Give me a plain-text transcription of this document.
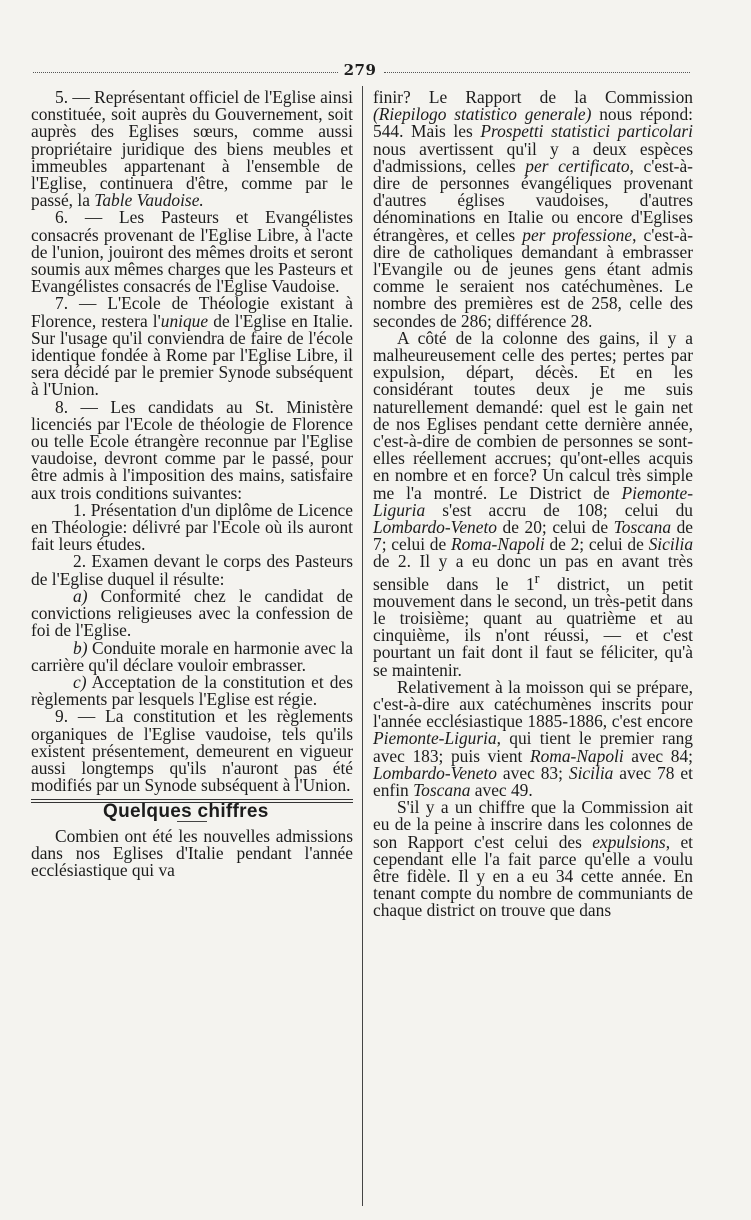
279

5. — Représentant officiel de l'Eglise ainsi constituée, soit auprès du Gouvernement, soit auprès des Eglises sœurs, comme aussi propriétaire juridique des biens meubles et immeubles appartenant à l'ensemble de l'Eglise, continuera d'être, comme par le passé, la Table Vaudoise.

6. — Les Pasteurs et Evangélistes consacrés provenant de l'Eglise Libre, à l'acte de l'union, jouiront des mêmes droits et seront soumis aux mêmes charges que les Pasteurs et Evangélistes consacrés de l'Eglise Vaudoise.

7. — L'Ecole de Théologie existant à Florence, restera l'unique de l'Eglise en Italie. Sur l'usage qu'il conviendra de faire de l'école identique fondée à Rome par l'Eglise Libre, il sera décidé par le premier Synode subséquent à l'Union.

8. — Les candidats au St. Ministère licenciés par l'Ecole de théologie de Florence ou telle Ecole étrangère reconnue par l'Eglise vaudoise, devront comme par le passé, pour être admis à l'imposition des mains, satisfaire aux trois conditions suivantes:

1. Présentation d'un diplôme de Licence en Théologie: délivré par l'Ecole où ils auront fait leurs études.

2. Examen devant le corps des Pasteurs de l'Eglise duquel il résulte:

a) Conformité chez le candidat de convictions religieuses avec la confession de foi de l'Eglise.

b) Conduite morale en harmonie avec la carrière qu'il déclare vouloir embrasser.

c) Acceptation de la constitution et des règlements par lesquels l'Eglise est régie.

9. — La constitution et les règlements organiques de l'Eglise vaudoise, tels qu'ils existent présentement, demeurent en vigueur aussi longtemps qu'ils n'auront pas été modifiés par un Synode subséquent à l'Union.

Quelques chiffres

Combien ont été les nouvelles admissions dans nos Eglises d'Italie pendant l'année ecclésiastique qui va

finir? Le Rapport de la Commission (Riepilogo statistico generale) nous répond: 544. Mais les Prospetti statistici particolari nous avertissent qu'il y a deux espèces d'admissions, celles per certificato, c'est-à-dire de personnes évangéliques provenant d'autres églises vaudoises, d'autres dénominations en Italie ou encore d'Eglises étrangères, et celles per professione, c'est-à-dire de catholiques demandant à embrasser l'Evangile ou de jeunes gens étant admis comme le seraient nos catéchumènes. Le nombre des premières est de 258, celle des secondes de 286; différence 28.

A côté de la colonne des gains, il y a malheureusement celle des pertes; pertes par expulsion, départ, décès. Et en les considérant toutes deux je me suis naturellement demandé: quel est le gain net de nos Eglises pendant cette dernière année, c'est-à-dire de combien de personnes se sont-elles réellement accrues; qu'ont-elles acquis en nombre et en force? Un calcul très simple me l'a montré. Le District de Piemonte-Liguria s'est accru de 108; celui du Lombardo-Veneto de 20; celui de Toscana de 7; celui de Roma-Napoli de 2; celui de Sicilia de 2. Il y a eu donc un pas en avant très sensible dans le 1$^r$ district, un petit mouvement dans le second, un très-petit dans le troisième; quant au quatrième et au cinquième, ils n'ont réussi, — et c'est pourtant un fait dont il faut se féliciter, qu'à se maintenir.

Relativement à la moisson qui se prépare, c'est-à-dire aux catéchumènes inscrits pour l'année ecclésiastique 1885-1886, c'est encore Piemonte-Liguria, qui tient le premier rang avec 183; puis vient Roma-Napoli avec 84; Lombardo-Veneto avec 83; Sicilia avec 78 et enfin Toscana avec 49.

S'il y a un chiffre que la Commission ait eu de la peine à inscrire dans les colonnes de son Rapport c'est celui des expulsions, et cependant elle l'a fait parce qu'elle a voulu être fidèle. Il y en a eu 34 cette année. En tenant compte du nombre de communiants de chaque district on trouve que dans
